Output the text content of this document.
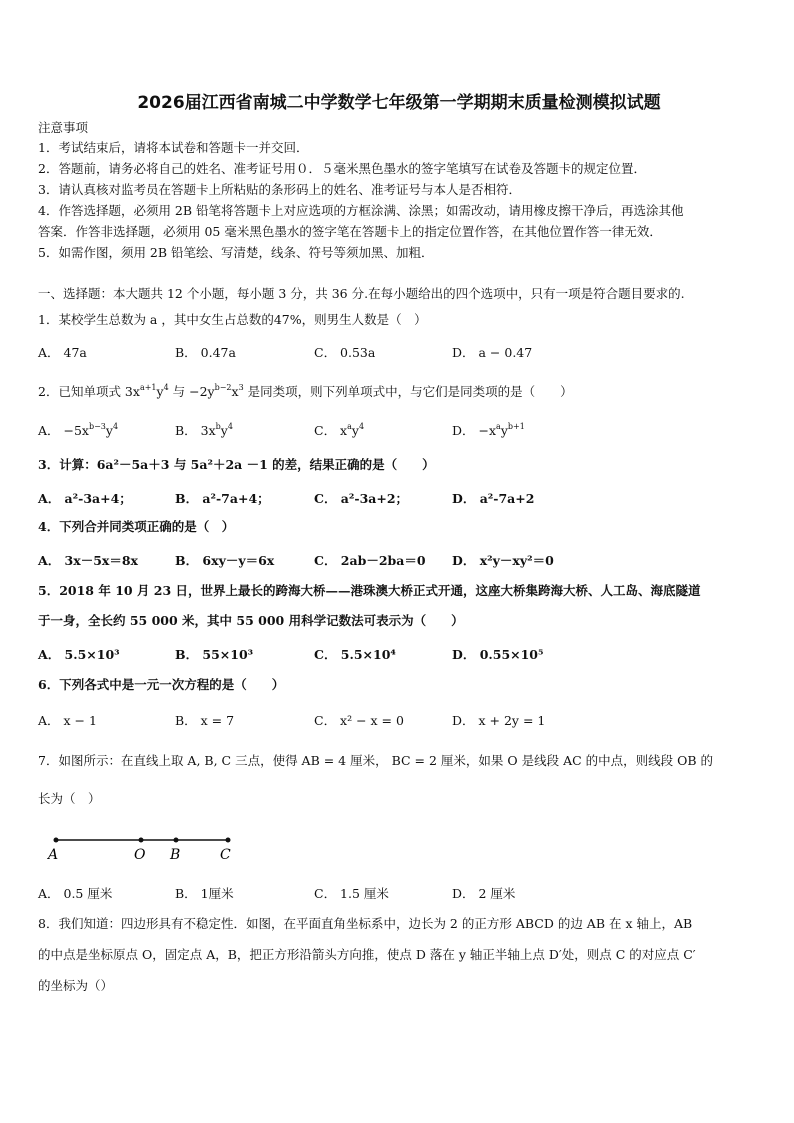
2026届江西省南城二中学数学七年级第一学期期末质量检测模拟试题
注意事项
1．考试结束后，请将本试卷和答题卡一并交回．
2．答题前，请务必将自己的姓名、准考证号用０．５毫米黑色墨水的签字笔填写在试卷及答题卡的规定位置．
3．请认真核对监考员在答题卡上所粘贴的条形码上的姓名、准考证号与本人是否相符．
4．作答选择题，必须用 2B 铅笔将答题卡上对应选项的方框涂满、涂黑；如需改动，请用橡皮擦干净后，再选涂其他
答案．作答非选择题，必须用 05 毫米黑色墨水的签字笔在答题卡上的指定位置作答，在其他位置作答一律无效．
5．如需作图，须用 2B 铅笔绘、写清楚，线条、符号等须加黑、加粗．
一、选择题：本大题共 12 个小题，每小题 3 分，共 36 分.在每小题给出的四个选项中，只有一项是符合题目要求的.
1．某校学生总数为 a ，其中女生占总数的47%，则男生人数是（　）
A． 47a	B． 0.47a	C． 0.53a	D． a − 0.47
2．已知单项式 $3x^{a+1}y^4$ 与 $-2y^{b-2}x^3$ 是同类项，则下列单项式中，与它们是同类项的是（　　）
A． $-5x^{b-3}y^4$	B． $3x^by^4$	C． $x^ay^4$	D． $-x^ay^{b+1}$
3．计算：6a²－5a＋3 与 5a²＋2a －1 的差，结果正确的是（　　）
A． a²-3a+4；	B． a²-7a+4；	C． a²-3a+2；	D． a²-7a+2
4．下列合并同类项正确的是（　）
A． 3x－5x＝8x	B． 6xy－y＝6x	C． 2ab－2ba＝0 D． x²y－xy²＝0
5．2018 年 10 月 23 日，世界上最长的跨海大桥——港珠澳大桥正式开通，这座大桥集跨海大桥、人工岛、海底隧道
于一身，全长约 55 000 米，其中 55 000 用科学记数法可表示为（　　）
A． 5.5×10³	B． 55×10³	C． 5.5×10⁴	D． 0.55×10⁵
6．下列各式中是一元一次方程的是（　　）
A． x − 1	B． x = 7	C． x² − x = 0	D． x + 2y = 1
7．如图所示：在直线上取 A, B, C 三点，使得 AB = 4 厘米， BC = 2 厘米，如果 O 是线段 AC 的中点，则线段 OB 的
长为（　）
A	O B	C
A． 0.5 厘米	B． 1厘米	C． 1.5 厘米	D． 2 厘米
8．我们知道：四边形具有不稳定性．如图，在平面直角坐标系中，边长为 2 的正方形 ABCD 的边 AB 在 x 轴上，AB
的中点是坐标原点 O，固定点 A，B，把正方形沿箭头方向推，使点 D 落在 y 轴正半轴上点 D′处，则点 C 的对应点 C′
的坐标为（）
